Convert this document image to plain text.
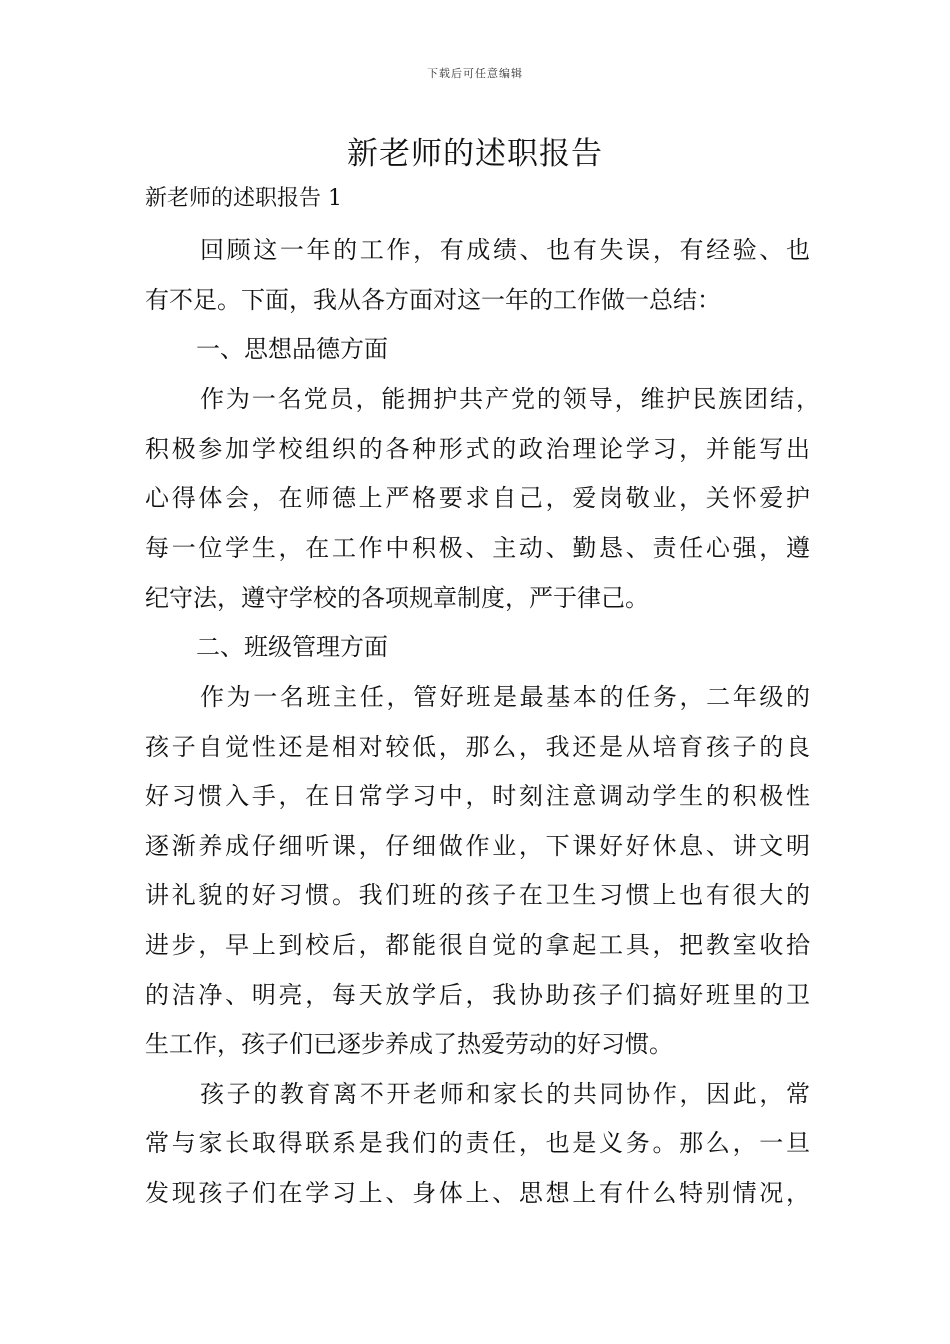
下载后可任意编辑
新老师的述职报告
新老师的述职报告 1
回顾这一年的工作，有成绩、也有失误，有经验、也
有不足。下面，我从各方面对这一年的工作做一总结：
一、思想品德方面
作为一名党员，能拥护共产党的领导，维护民族团结，
积极参加学校组织的各种形式的政治理论学习，并能写出
心得体会，在师德上严格要求自己，爱岗敬业，关怀爱护
每一位学生，在工作中积极、主动、勤恳、责任心强，遵
纪守法，遵守学校的各项规章制度，严于律己。
二、班级管理方面
作为一名班主任，管好班是最基本的任务，二年级的
孩子自觉性还是相对较低，那么，我还是从培育孩子的良
好习惯入手，在日常学习中，时刻注意调动学生的积极性
逐渐养成仔细听课，仔细做作业，下课好好休息、讲文明
讲礼貌的好习惯。我们班的孩子在卫生习惯上也有很大的
进步，早上到校后，都能很自觉的拿起工具，把教室收拾
的洁净、明亮，每天放学后，我协助孩子们搞好班里的卫
生工作，孩子们已逐步养成了热爱劳动的好习惯。
孩子的教育离不开老师和家长的共同协作，因此，常
常与家长取得联系是我们的责任，也是义务。那么，一旦
发现孩子们在学习上、身体上、思想上有什么特别情况，
